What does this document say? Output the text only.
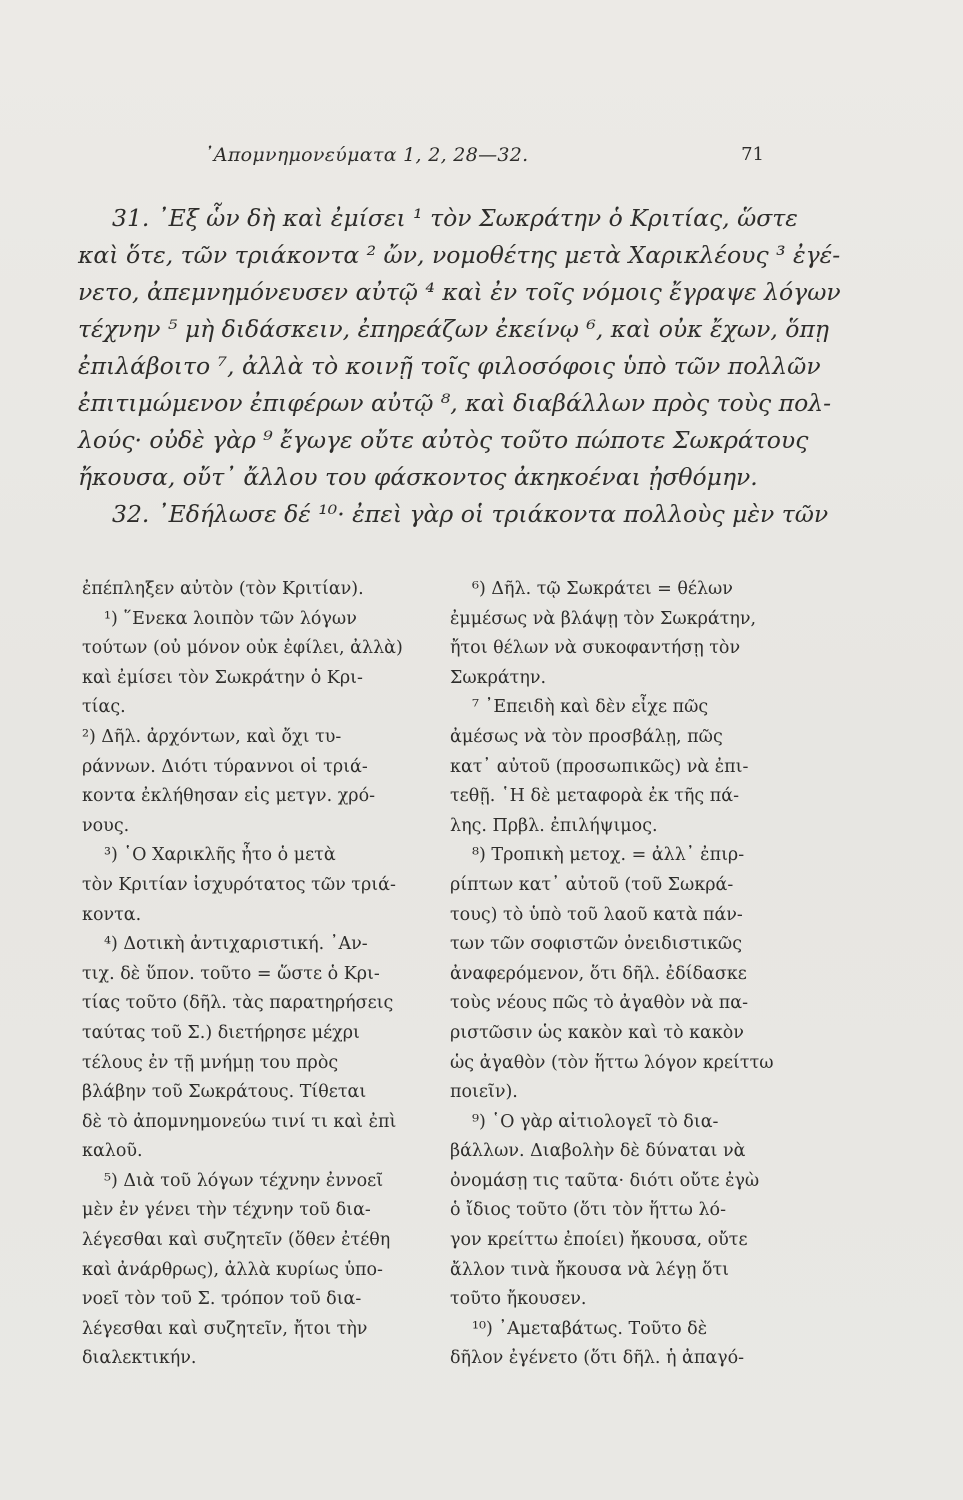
᾿Απομνημονεύματα 1, 2, 28—32.	71

31. ᾿Εξ ὧν δὴ καὶ ἐμίσει ¹ τὸν Σωκράτην ὁ Κριτίας, ὥστε

καὶ ὅτε, τῶν τριάκοντα ² ὤν, νομοθέτης μετὰ Χαρικλέους ³ ἐγέ-
νετο, ἀπεμνημόνευσεν αὐτῷ ⁴ καὶ ἐν τοῖς νόμοις ἔγραψε λόγων
τέχνην ⁵ μὴ διδάσκειν, ἐπηρεάζων ἐκείνῳ ⁶, καὶ οὐκ ἔχων, ὅπῃ
ἐπιλάβοιτο ⁷, ἀλλὰ τὸ κοινῇ τοῖς φιλοσόφοις ὑπὸ τῶν πολλῶν
ἐπιτιμώμενον ἐπιφέρων αὐτῷ ⁸, καὶ διαβάλλων πρὸς τοὺς πολ-
λούς· οὐδὲ γὰρ ⁹ ἔγωγε οὔτε αὐτὸς τοῦτο πώποτε Σωκράτους
ἤκουσα, οὔτ᾿ ἄλλου του φάσκοντος ἀκηκοέναι ᾐσθόμην.

32. ᾿Εδήλωσε δέ ¹⁰· ἐπεὶ γὰρ οἱ τριάκοντα πολλοὺς μὲν τῶν

ἐπέπληξεν αὐτὸν (τὸν Κριτίαν).
¹) ῞Ενεκα λοιπὸν τῶν λόγων
τούτων (οὐ μόνον οὐκ ἐφίλει, ἀλλὰ)
καὶ ἐμίσει τὸν Σωκράτην ὁ Κρι-
τίας.
²) Δῆλ. ἀρχόντων, καὶ ὄχι τυ-
ράννων. Διότι τύραννοι οἱ τριά-
κοντα ἐκλήθησαν εἰς μετγν. χρό-
νους.
³) ῾Ο Χαρικλῆς ἦτο ὁ μετὰ
τὸν Κριτίαν ἰσχυρότατος τῶν τριά-
κοντα.
⁴) Δοτικὴ ἀντιχαριστική. ᾿Αν-
τιχ. δὲ ὕπον. τοῦτο = ὥστε ὁ Κρι-
τίας τοῦτο (δῆλ. τὰς παρατηρήσεις
ταύτας τοῦ Σ.) διετήρησε μέχρι
τέλους ἐν τῇ μνήμῃ του πρὸς
βλάβην τοῦ Σωκράτους. Τίθεται
δὲ τὸ ἀπομνημονεύω τινί τι καὶ ἐπὶ
καλοῦ.
⁵) Διὰ τοῦ λόγων τέχνην ἐννοεῖ
μὲν ἐν γένει τὴν τέχνην τοῦ δια-
λέγεσθαι καὶ συζητεῖν (ὅθεν ἐτέθη
καὶ ἀνάρθρως), ἀλλὰ κυρίως ὑπο-
νοεῖ τὸν τοῦ Σ. τρόπον τοῦ δια-
λέγεσθαι καὶ συζητεῖν, ἤτοι τὴν
διαλεκτικήν.
⁶) Δῆλ. τῷ Σωκράτει = θέλων
ἐμμέσως νὰ βλάψῃ τὸν Σωκράτην,
ἤτοι θέλων νὰ συκοφαντήσῃ τὸν
Σωκράτην.
⁷ ᾿Επειδὴ καὶ δὲν εἶχε πῶς
ἀμέσως νὰ τὸν προσβάλῃ, πῶς
κατ᾿ αὐτοῦ (προσωπικῶς) νὰ ἐπι-
τεθῇ. ῾Η δὲ μεταφορὰ ἐκ τῆς πά-
λης. Πρβλ. ἐπιλήψιμος.
⁸) Τροπικὴ μετοχ. = ἀλλ᾿ ἐπιρ-
ρίπτων κατ᾿ αὐτοῦ (τοῦ Σωκρά-
τους) τὸ ὑπὸ τοῦ λαοῦ κατὰ πάν-
των τῶν σοφιστῶν ὀνειδιστικῶς
ἀναφερόμενον, ὅτι δῆλ. ἐδίδασκε
τοὺς νέους πῶς τὸ ἀγαθὸν νὰ πα-
ριστῶσιν ὡς κακὸν καὶ τὸ κακὸν
ὡς ἀγαθὸν (τὸν ἥττω λόγον κρείττω
ποιεῖν).
⁹) ῾Ο γὰρ αἰτιολογεῖ τὸ δια-
βάλλων. Διαβολὴν δὲ δύναται νὰ
ὀνομάσῃ τις ταῦτα· διότι οὔτε ἐγὼ
ὁ ἴδιος τοῦτο (ὅτι τὸν ἥττω λό-
γον κρείττω ἐποίει) ἤκουσα, οὔτε
ἄλλον τινὰ ἤκουσα νὰ λέγῃ ὅτι
τοῦτο ἤκουσεν.
¹⁰) ᾿Αμεταβάτως. Τοῦτο δὲ
δῆλον ἐγένετο (ὅτι δῆλ. ἡ ἀπαγό-
